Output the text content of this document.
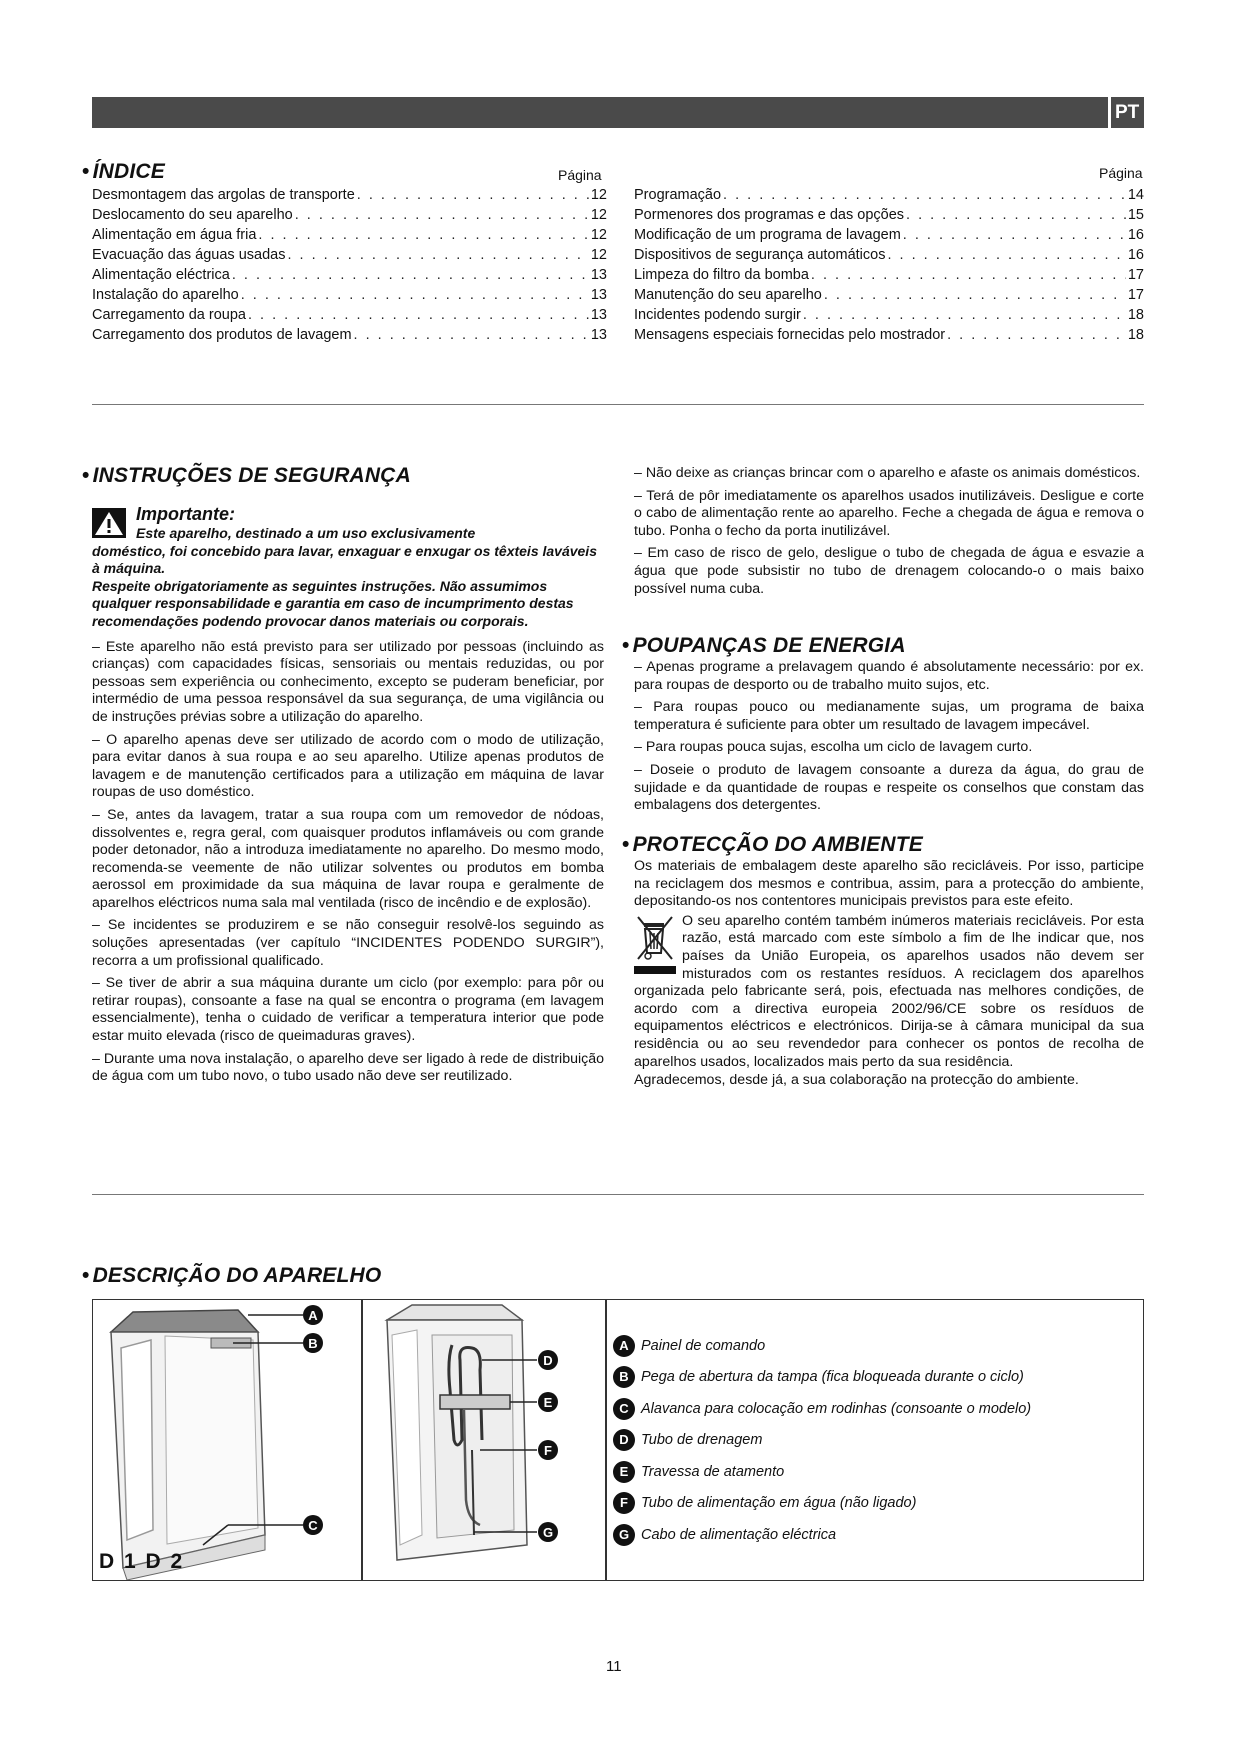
PT
• ÍNDICE	Página	Página
Desmontagem das argolas de transporte . . .	12
Deslocamento do seu aparelho . . .	12
Alimentação em água fria . . .	12
Evacuação das águas usadas . . .	12
Alimentação eléctrica . . .	13
Instalação do aparelho . . .	13
Carregamento da roupa . . .	13
Carregamento dos produtos de lavagem . . .	13
Programação . . .	14
Pormenores dos programas e das opções . . .	15
Modificação de um programa de lavagem . . .	16
Dispositivos de segurança automáticos . . .	16
Limpeza do filtro da bomba . . .	17
Manutenção do seu aparelho . . .	17
Incidentes podendo surgir . . .	18
Mensagens especiais fornecidas pelo mostrador . . .	18
• INSTRUÇÕES DE SEGURANÇA
Importante:
Este aparelho, destinado a um uso exclusivamente
doméstico, foi concebido para lavar, enxaguar e enxugar os têxteis laváveis à máquina.
Respeite obrigatoriamente as seguintes instruções. Não assumimos qualquer responsabilidade e garantia em caso de incumprimento destas recomendações podendo provocar danos materiais ou corporais.

– Este aparelho não está previsto para ser utilizado por pessoas (incluindo as crianças) com capacidades físicas, sensoriais ou mentais reduzidas, ou por pessoas sem experiência ou conhecimento, excepto se puderam beneficiar, por intermédio de uma pessoa responsável da sua segurança, de uma vigilância ou de instruções prévias sobre a utilização do aparelho.

– O aparelho apenas deve ser utilizado de acordo com o modo de utilização, para evitar danos à sua roupa e ao seu aparelho. Utilize apenas produtos de lavagem e de manutenção certificados para a utilização em máquina de lavar roupas de uso doméstico.

– Se, antes da lavagem, tratar a sua roupa com um removedor de nódoas, dissolventes e, regra geral, com quaisquer produtos inflamáveis ou com grande poder detonador, não a introduza imediatamente no aparelho. Do mesmo modo, recomenda-se veemente de não utilizar solventes ou produtos em bomba aerossol em proximidade da sua máquina de lavar roupa e geralmente de aparelhos eléctricos numa sala mal ventilada (risco de incêndio e de explosão).

– Se incidentes se produzirem e se não conseguir resolvê-los seguindo as soluções apresentadas (ver capítulo “INCIDENTES PODENDO SURGIR”), recorra a um profissional qualificado.

– Se tiver de abrir a sua máquina durante um ciclo (por exemplo: para pôr ou retirar roupas), consoante a fase na qual se encontra o programa (em lavagem essencialmente), tenha o cuidado de verificar a temperatura interior que pode estar muito elevada (risco de queimaduras graves).

– Durante uma nova instalação, o aparelho deve ser ligado à rede de distribuição de água com um tubo novo, o tubo usado não deve ser reutilizado.

– Não deixe as crianças brincar com o aparelho e afaste os animais domésticos.

– Terá de pôr imediatamente os aparelhos usados inutilizáveis. Desligue e corte o cabo de alimentação rente ao aparelho. Feche a chegada de água e remova o tubo. Ponha o fecho da porta inutilizável.

– Em caso de risco de gelo, desligue o tubo de chegada de água e esvazie a água que pode subsistir no tubo de drenagem colocando-o o mais baixo possível numa cuba.

• POUPANÇAS DE ENERGIA

– Apenas programe a prelavagem quando é absolutamente necessário: por ex. para roupas de desporto ou de trabalho muito sujos, etc.

– Para roupas pouco ou medianamente sujas, um programa de baixa temperatura é suficiente para obter um resultado de lavagem impecável.

– Para roupas pouca sujas, escolha um ciclo de lavagem curto.

– Doseie o produto de lavagem consoante a dureza da água, do grau de sujidade e da quantidade de roupas e respeite os conselhos que constam das embalagens dos detergentes.

• PROTECÇÃO DO AMBIENTE

Os materiais de embalagem deste aparelho são recicláveis. Por isso, participe na reciclagem dos mesmos e contribua, assim, para a protecção do ambiente, depositando-os nos contentores municipais previstos para este efeito.

O seu aparelho contém também inúmeros materiais recicláveis. Por esta razão, está marcado com este símbolo a fim de lhe indicar que, nos países da União Europeia, os aparelhos usados não devem ser misturados com os restantes resíduos. A reciclagem dos aparelhos organizada pelo fabricante será, pois, efectuada nas melhores condições, de acordo com a directiva europeia 2002/96/CE sobre os resíduos de equipamentos eléctricos e electrónicos. Dirija-se à câmara municipal da sua residência ou ao seu revendedor para conhecer os pontos de recolha de aparelhos usados, localizados mais perto da sua residência.

Agradecemos, desde já, a sua colaboração na protecção do ambiente.

• DESCRIÇÃO DO APARELHO
A
B
C
D 1 D 2
D
E
F
G
A Painel de comando
B Pega de abertura da tampa (fica bloqueada durante o ciclo)
C Alavanca para colocação em rodinhas (consoante o modelo)
D Tubo de drenagem
E Travessa de atamento
F Tubo de alimentação em água (não ligado)
G Cabo de alimentação eléctrica
11
